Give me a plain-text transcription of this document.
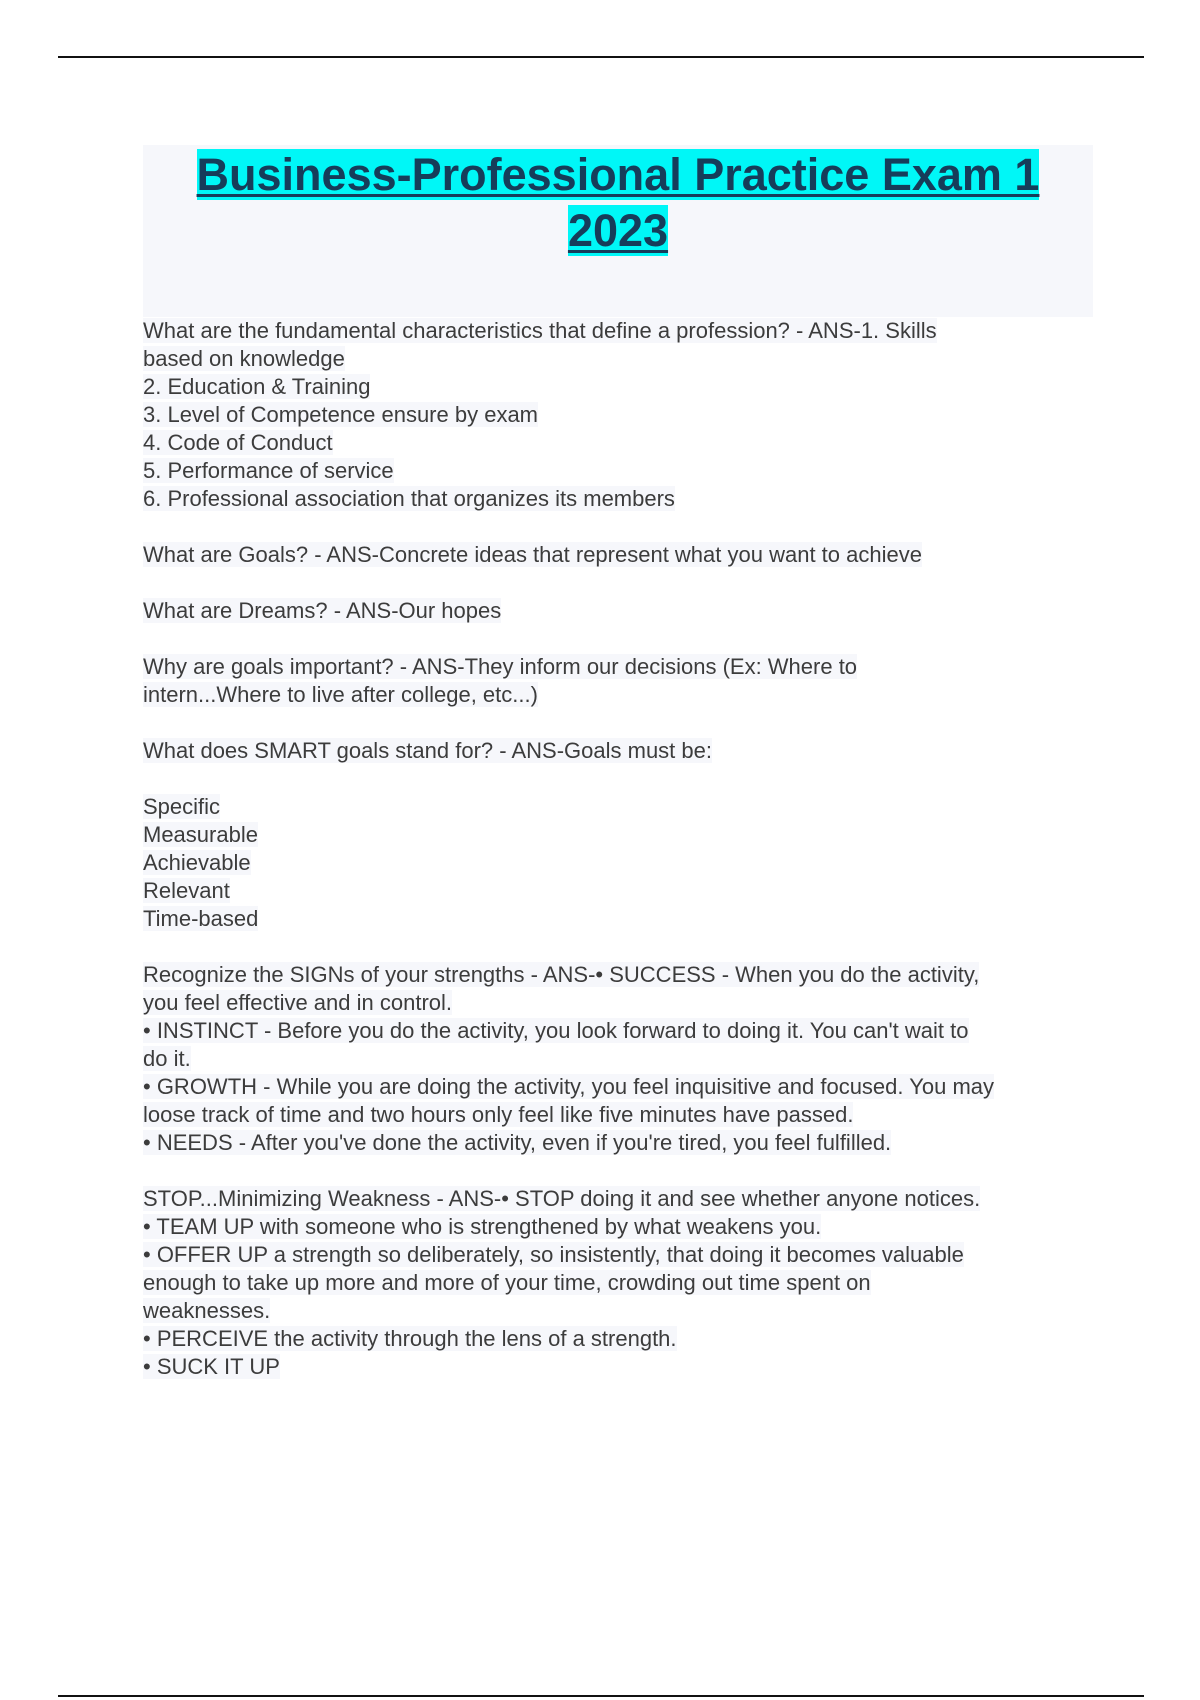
Business-Professional Practice Exam 1
2023
What are the fundamental characteristics that define a profession? - ANS-1. Skills
based on knowledge
2. Education & Training
3. Level of Competence ensure by exam
4. Code of Conduct
5. Performance of service
6. Professional association that organizes its members
What are Goals? - ANS-Concrete ideas that represent what you want to achieve
What are Dreams? - ANS-Our hopes
Why are goals important? - ANS-They inform our decisions (Ex: Where to
intern...Where to live after college, etc...)
What does SMART goals stand for? - ANS-Goals must be:
Specific
Measurable
Achievable
Relevant
Time-based
Recognize the SIGNs of your strengths - ANS-• SUCCESS - When you do the activity,
you feel effective and in control.
• INSTINCT - Before you do the activity, you look forward to doing it. You can't wait to
do it.
• GROWTH - While you are doing the activity, you feel inquisitive and focused. You may
loose track of time and two hours only feel like five minutes have passed.
• NEEDS - After you've done the activity, even if you're tired, you feel fulfilled.
STOP...Minimizing Weakness - ANS-• STOP doing it and see whether anyone notices.
• TEAM UP with someone who is strengthened by what weakens you.
• OFFER UP a strength so deliberately, so insistently, that doing it becomes valuable
enough to take up more and more of your time, crowding out time spent on
weaknesses.
• PERCEIVE the activity through the lens of a strength.
• SUCK IT UP
